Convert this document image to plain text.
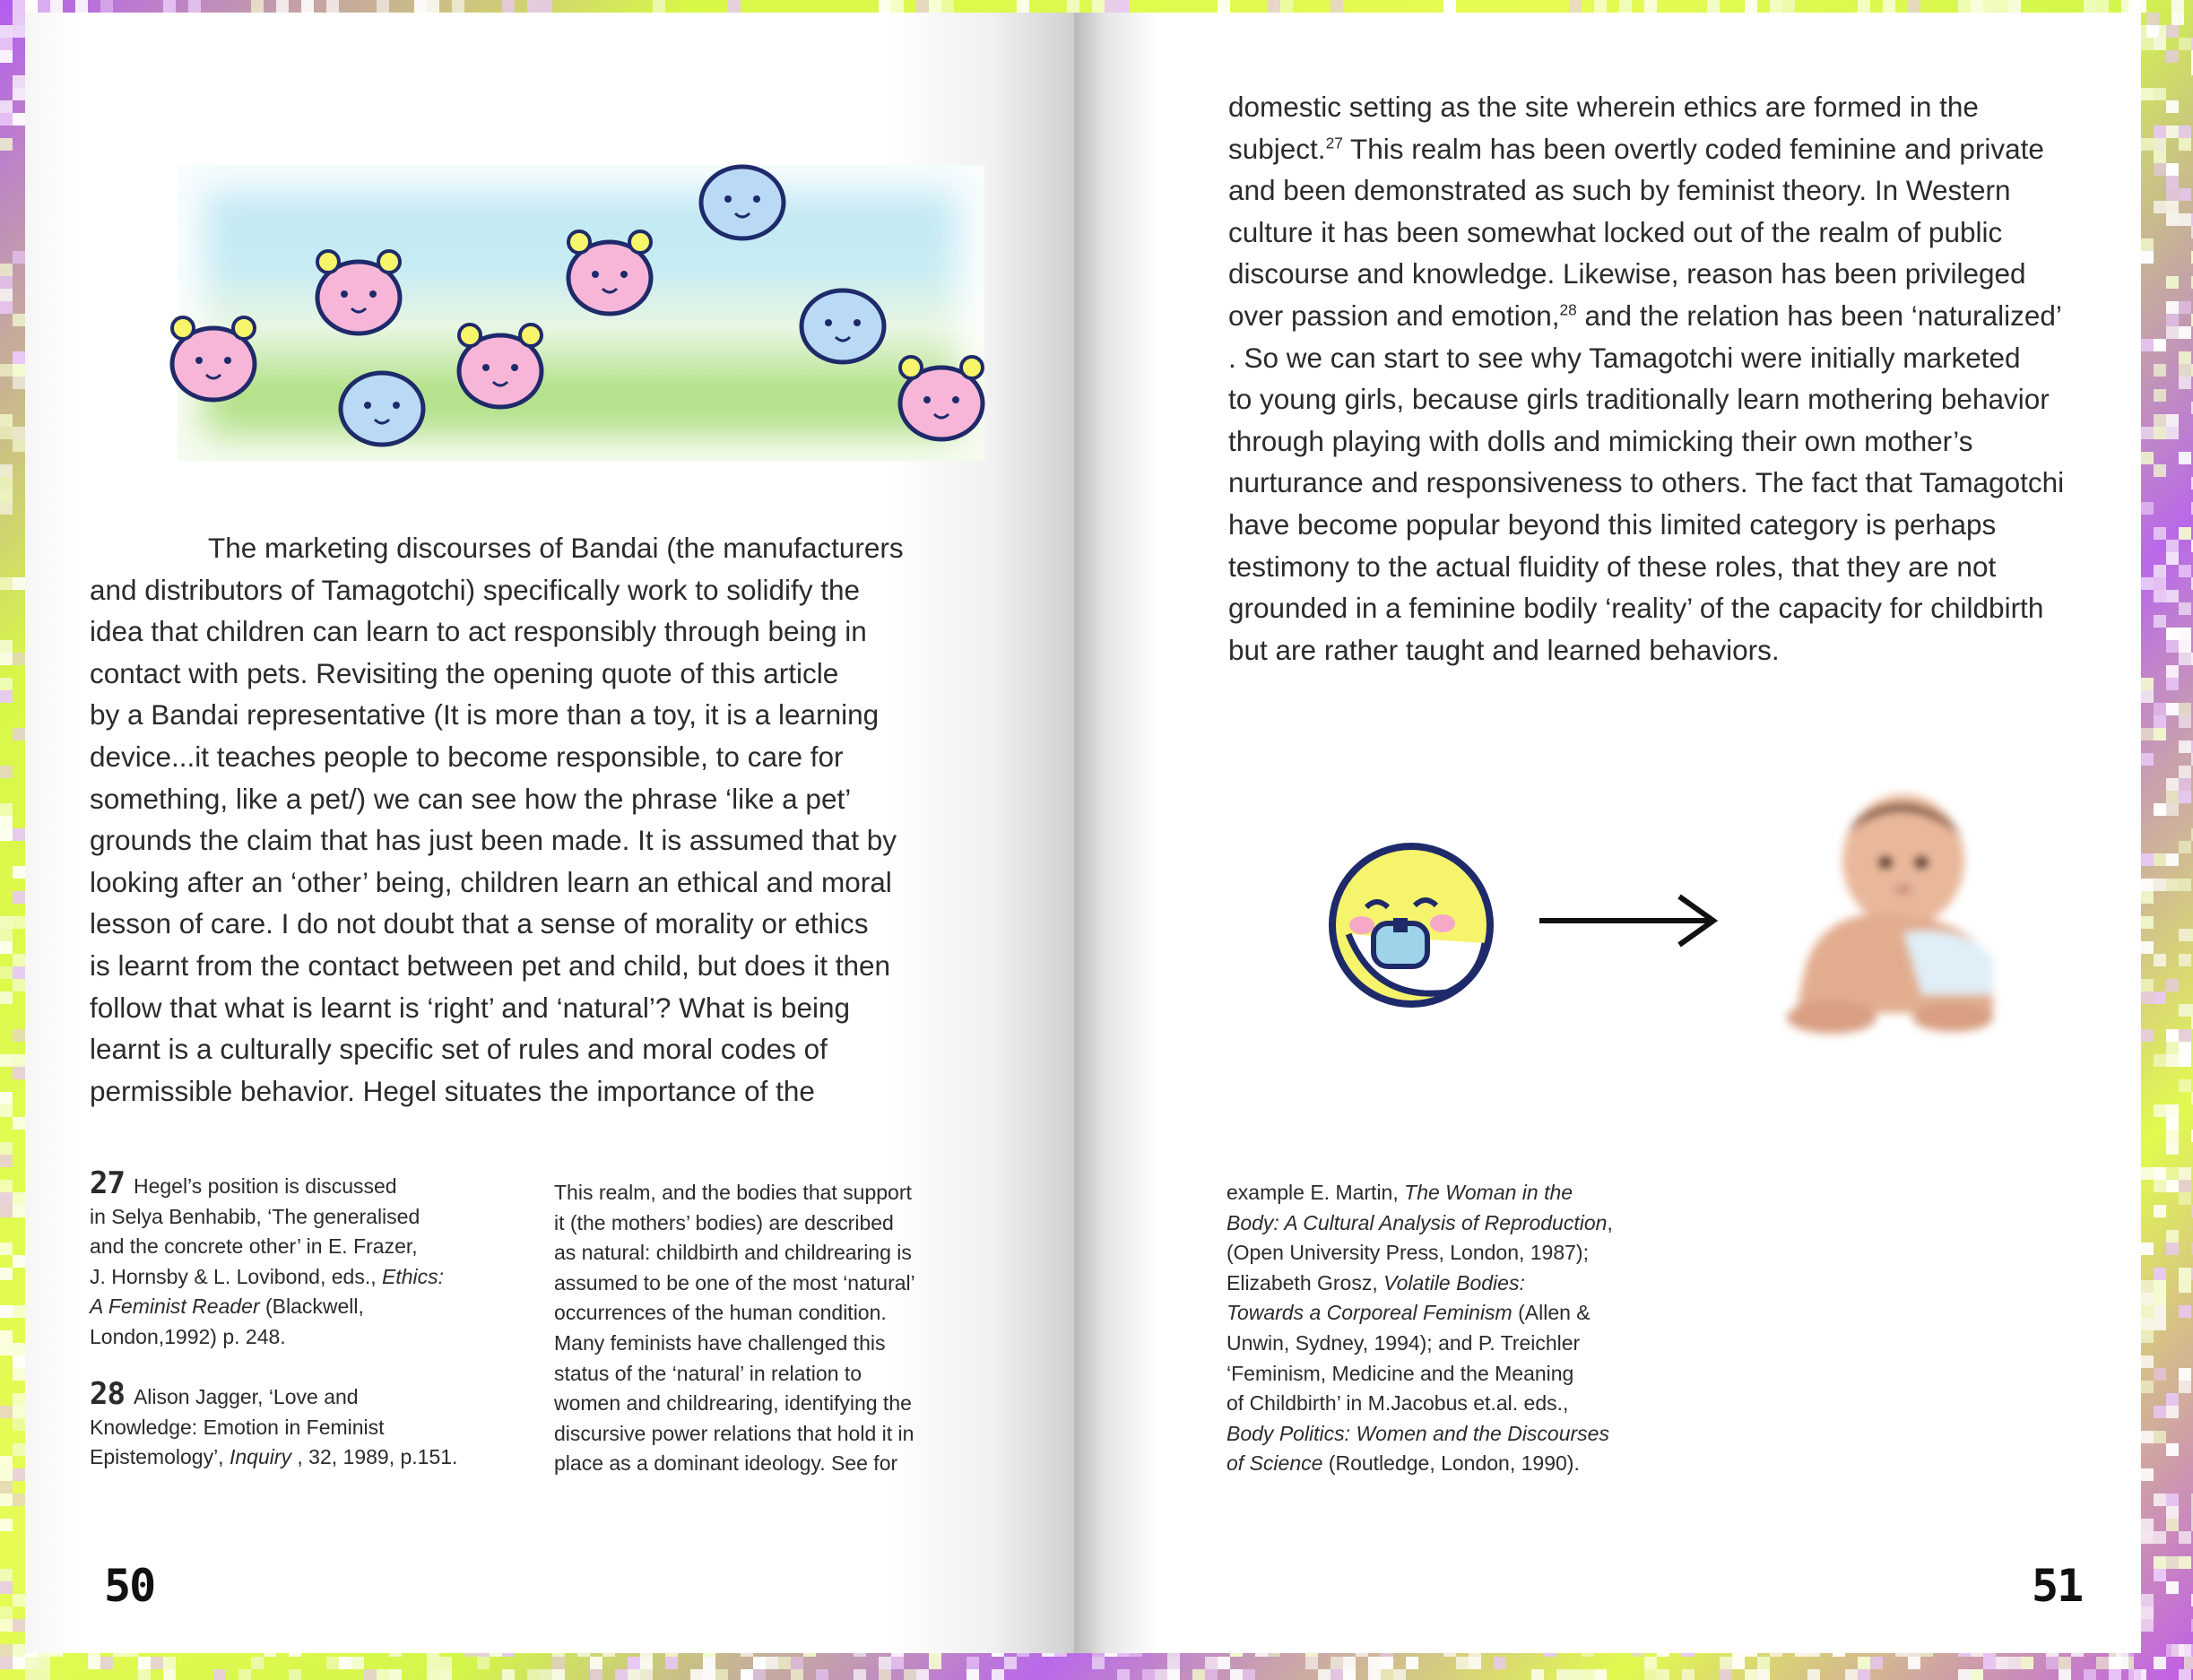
The marketing discourses of Bandai (the manufacturers
and distributors of Tamagotchi) specifically work to solidify the
idea that children can learn to act responsibly through being in
contact with pets. Revisiting the opening quote of this article
by a Bandai representative (It is more than a toy, it is a learning
device...it teaches people to become responsible, to care for
something, like a pet/) we can see how the phrase ‘like a pet’
grounds the claim that has just been made. It is assumed that by
looking after an ‘other’ being, children learn an ethical and moral
lesson of care. I do not doubt that a sense of morality or ethics
is learnt from the contact between pet and child, but does it then
follow that what is learnt is ‘right’ and ‘natural’? What is being
learnt is a culturally specific set of rules and moral codes of
permissible behavior. Hegel situates the importance of the
27 Hegel’s position is discussed
in Selya Benhabib, ‘The generalised
and the concrete other’ in E. Frazer,
J. Hornsby & L. Lovibond, eds., Ethics:
A Feminist Reader (Blackwell,
London,1992) p. 248.
28 Alison Jagger, ‘Love and
Knowledge: Emotion in Feminist
Epistemology’, Inquiry , 32, 1989, p.151.
This realm, and the bodies that support
it (the mothers’ bodies) are described
as natural: childbirth and childrearing is
assumed to be one of the most ‘natural’
occurrences of the human condition.
Many feminists have challenged this
status of the ‘natural’ in relation to
women and childrearing, identifying the
discursive power relations that hold it in
place as a dominant ideology. See for
50
domestic setting as the site wherein ethics are formed in the
subject.$^{27}$ This realm has been overtly coded feminine and private
and been demonstrated as such by feminist theory. In Western
culture it has been somewhat locked out of the realm of public
discourse and knowledge. Likewise, reason has been privileged
over passion and emotion,$^{28}$ and the relation has been ‘naturalized’
. So we can start to see why Tamagotchi were initially marketed
to young girls, because girls traditionally learn mothering behavior
through playing with dolls and mimicking their own mother’s
nurturance and responsiveness to others. The fact that Tamagotchi
have become popular beyond this limited category is perhaps
testimony to the actual fluidity of these roles, that they are not
grounded in a feminine bodily ‘reality’ of the capacity for childbirth
but are rather taught and learned behaviors.
example E. Martin, The Woman in the
Body: A Cultural Analysis of Reproduction,
(Open University Press, London, 1987);
Elizabeth Grosz, Volatile Bodies:
Towards a Corporeal Feminism (Allen &
Unwin, Sydney, 1994); and P. Treichler
‘Feminism, Medicine and the Meaning
of Childbirth’ in M.Jacobus et.al. eds.,
Body Politics: Women and the Discourses
of Science (Routledge, London, 1990).
51
